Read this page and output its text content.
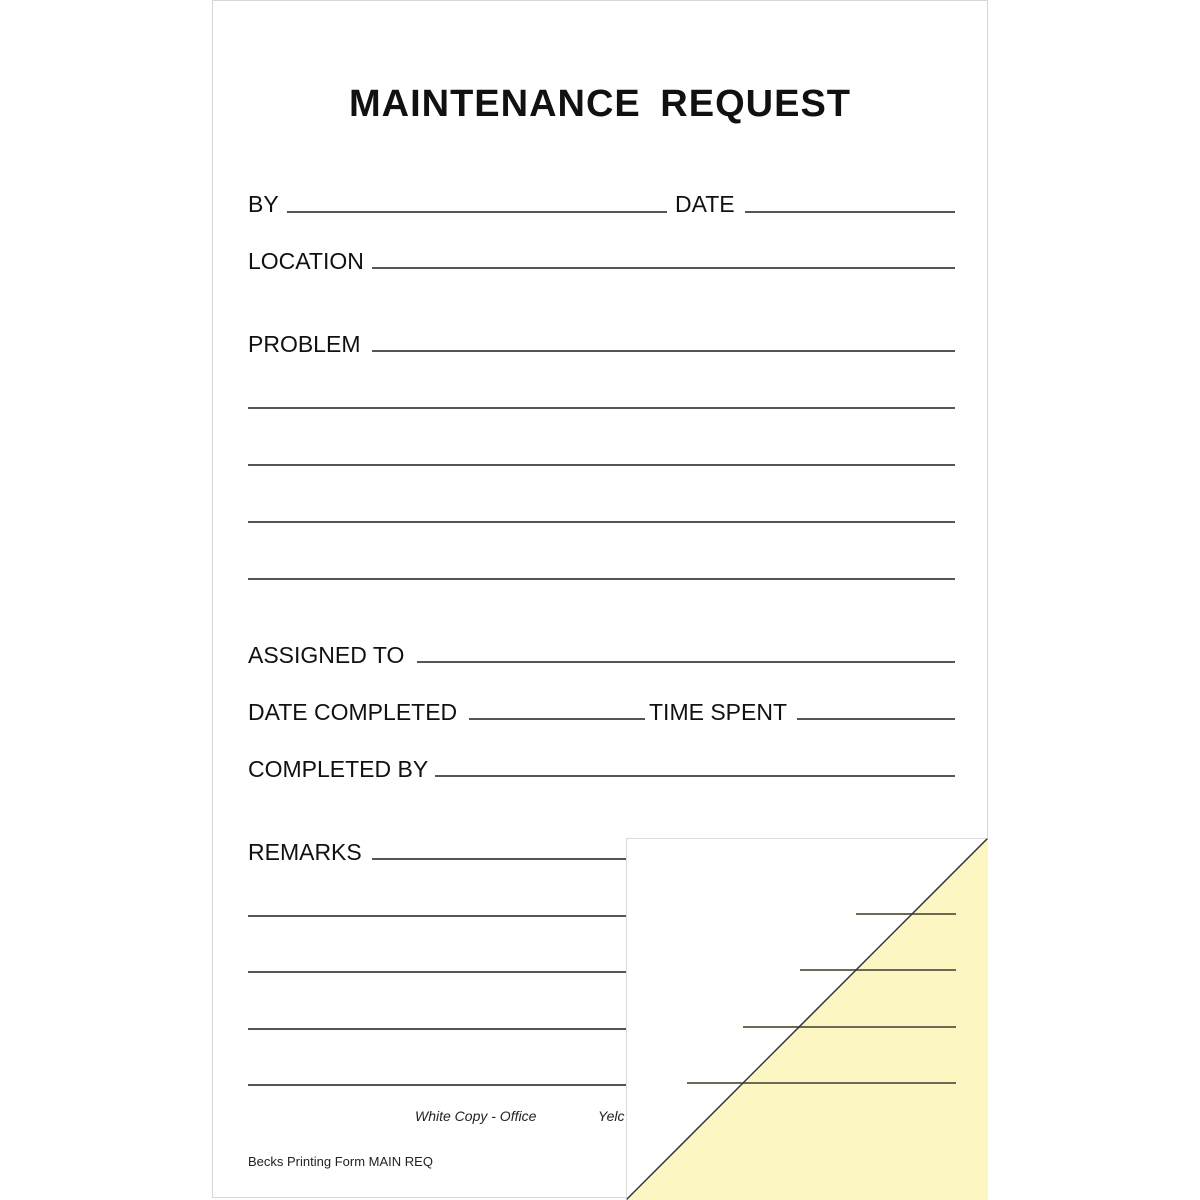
MAINTENANCE REQUEST
BY	DATE
LOCATION
PROBLEM
ASSIGNED TO
DATE COMPLETED	TIME SPENT
COMPLETED BY
REMARKS
White Copy - Office	Yelc
Becks Printing Form MAIN REQ
